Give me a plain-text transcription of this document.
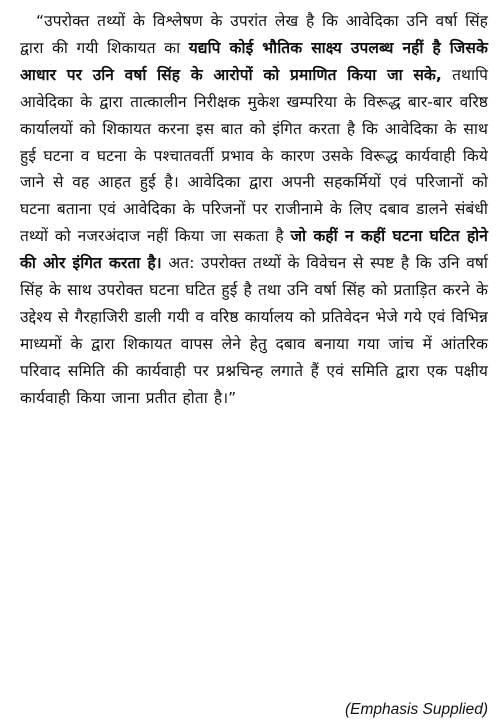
“उपरोक्त तथ्यों के विश्लेषण के उपरांत लेख है कि आवेदिका उनि वर्षा सिंह द्वारा की गयी शिकायत का यद्यपि कोई भौतिक साक्ष्य उपलब्ध नहीं है जिसके आधार पर उनि वर्षा सिंह के आरोपों को प्रमाणित किया जा सके, तथापि आवेदिका के द्वारा तात्कालीन निरीक्षक मुकेश खम्परिया के विरूद्ध बार-बार वरिष्ठ कार्यालयों को शिकायत करना इस बात को इंगित करता है कि आवेदिका के साथ हुई घटना व घटना के पश्चातवर्ती प्रभाव के कारण उसके विरूद्ध कार्यवाही किये जाने से वह आहत हुई है। आवेदिका द्वारा अपनी सहकर्मियों एवं परिजानों को घटना बताना एवं आवेदिका के परिजनों पर राजीनामे के लिए दबाव डालने संबंधी तथ्यों को नजरअंदाज नहीं किया जा सकता है जो कहीं न कहीं घटना घटित होने की ओर इंगित करता है। अत: उपरोक्त तथ्यों के विवेचन से स्पष्ट है कि उनि वर्षा सिंह के साथ उपरोक्त घटना घटित हुई है तथा उनि वर्षा सिंह को प्रताड़ित करने के उद्देश्य से गैरहाजिरी डाली गयी व वरिष्ठ कार्यालय को प्रतिवेदन भेजे गये एवं विभिन्न माध्यमों के द्वारा शिकायत वापस लेने हेतु दबाव बनाया गया जांच में आंतरिक परिवाद समिति की कार्यवाही पर प्रश्नचिन्ह लगाते हैं एवं समिति द्वारा एक पक्षीय कार्यवाही किया जाना प्रतीत होता है।”

(Emphasis Supplied)
